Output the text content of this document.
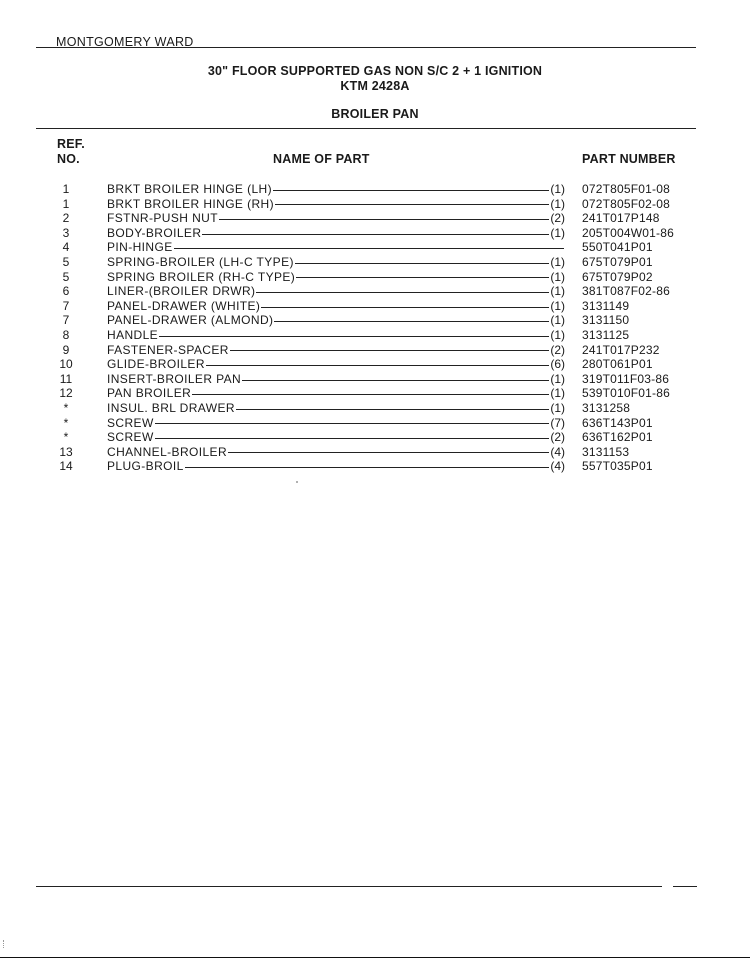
MONTGOMERY WARD
30" FLOOR SUPPORTED GAS NON S/C 2 + 1 IGNITION
KTM 2428A
BROILER PAN
REF.
NO.	NAME OF PART	PART NUMBER
1	BRKT BROILER HINGE (LH)	(1) 072T805F01-08
1	BRKT BROILER HINGE (RH)	(1) 072T805F02-08
2	FSTNR-PUSH NUT	(2) 241T017P148
3	BODY-BROILER	(1) 205T004W01-86
4	PIN-HINGE	550T041P01
5	SPRING-BROILER (LH-C TYPE)	(1) 675T079P01
5	SPRING BROILER (RH-C TYPE)	(1) 675T079P02
6	LINER-(BROILER DRWR)	(1) 381T087F02-86
7	PANEL-DRAWER (WHITE)	(1) 3131149
7	PANEL-DRAWER (ALMOND)	(1) 3131150
8	HANDLE	(1) 3131125
9	FASTENER-SPACER	(2) 241T017P232
10	GLIDE-BROILER	(6) 280T061P01
11	INSERT-BROILER PAN	(1) 319T011F03-86
12	PAN BROILER	(1) 539T010F01-86
*	INSUL. BRL DRAWER	(1) 3131258
*	SCREW	(7) 636T143P01
*	SCREW	(2) 636T162P01
13	CHANNEL-BROILER	(4) 3131153
14	PLUG-BROIL	(4) 557T035P01
